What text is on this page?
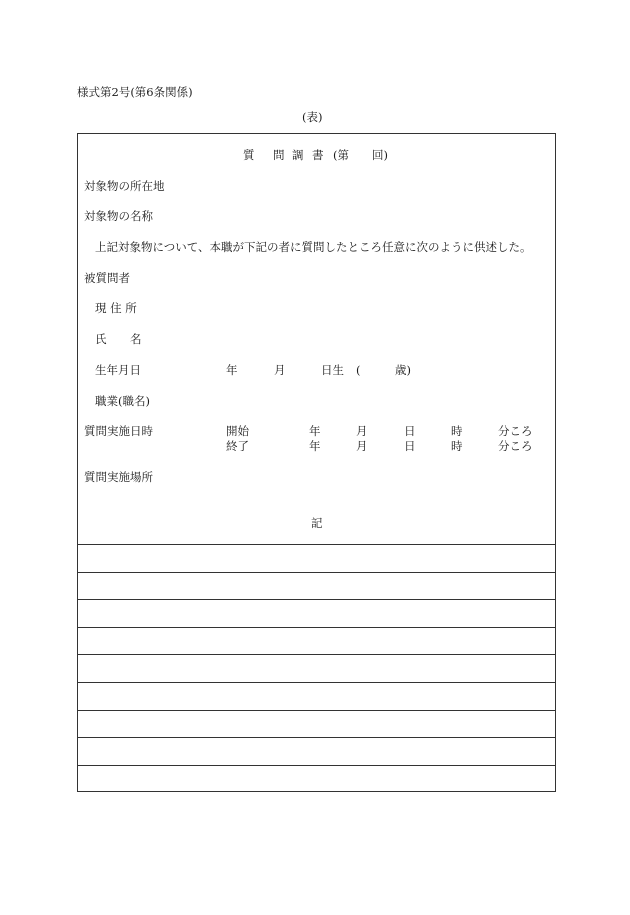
様式第2号(第6条関係)
(表)
質 問 調 書 (第 回)
対象物の所在地
対象物の名称
上記対象物について、本職が下記の者に質問したところ任意に次のように供述した。
被質問者
現 住 所
氏 名
生年月日	年	月	日生 (	歳)
職業(職名)
質問実施日時	開始	年	月	日	時	分ころ
終了	年	月	日	時	分ころ
質問実施場所
記
